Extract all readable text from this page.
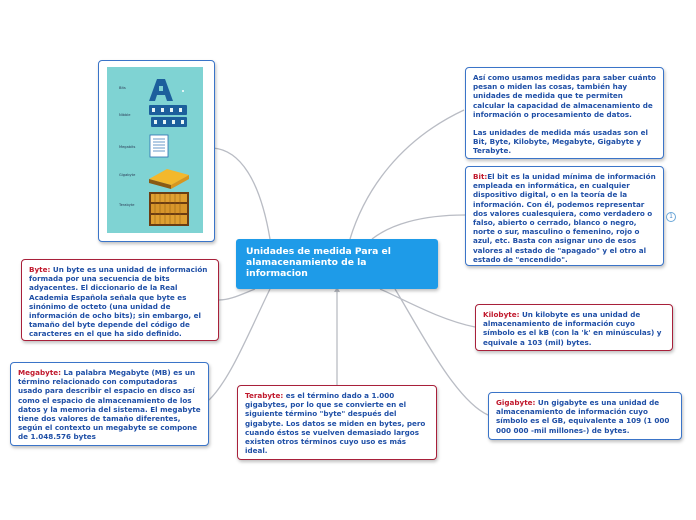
Unidades de medida Para el alamacenamiento de la informacion
Bits
Nibble
Megabits
Gigabyte
Terabyte

Así como usamos medidas para saber cuánto pesan o miden las cosas, también hay unidades de medida que te permiten calcular la capacidad de almacenamiento de información o procesamiento de datos.

Las unidades de medida más usadas son el Bit, Byte, Kilobyte, Megabyte, Gigabyte y Terabyte.

Bit:El bit es la unidad mínima de información empleada en informática, en cualquier dispositivo digital, o en la teoría de la información. Con él, podemos representar dos valores cualesquiera, como verdadero o falso, abierto o cerrado, blanco o negro, norte o sur, masculino o femenino, rojo o azul, etc. Basta con asignar uno de esos valores al estado de "apagado" y el otro al estado de "encendido".

1

Kilobyte: Un kilobyte es una unidad de almacenamiento de información cuyo símbolo es el kB (con la 'k' en minúsculas) y equivale a 103 (mil) bytes.

Gigabyte: Un gigabyte es una unidad de almacenamiento de información cuyo símbolo es el GB, equivalente a 109 (1 000 000 000 -mil millones-) de bytes.

Terabyte: es el término dado a 1.000 gigabytes, por lo que se convierte en el siguiente término "byte" después del gigabyte. Los datos se miden en bytes, pero cuando éstos se vuelven demasiado largos existen otros términos cuyo uso es más ideal.

Megabyte: La palabra Megabyte (MB) es un término relacionado con computadoras usado para describir el espacio en disco así como el espacio de almacenamiento de los datos y la memoria del sistema. El megabyte tiene dos valores de tamaño diferentes, según el contexto un megabyte se compone de 1.048.576 bytes

Byte: Un byte es una unidad de información formada por una secuencia de bits adyacentes. El diccionario de la Real Academia Española señala que byte es sinónimo de octeto (una unidad de información de ocho bits); sin embargo, el tamaño del byte depende del código de caracteres en el que ha sido definido.
